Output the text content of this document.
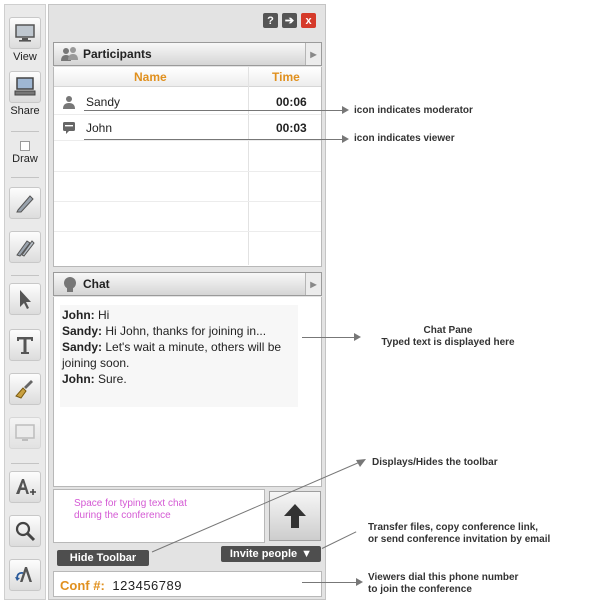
View
Share
Draw
?	➔	x
Participants	▶
Name	Time
Sandy	00:06
John	00:03
Chat	▶
John: Hi
Sandy: Hi John, thanks for joining in...
Sandy: Let's wait a minute, others will be joining soon.
John: Sure.
Space for typing text chat
during the conference
Hide Toolbar	Invite people ▼
Conf #: 123456789
icon indicates moderator
icon indicates viewer
Chat Pane
Typed text is displayed here
Displays/Hides the toolbar
Transfer files, copy conference link,
or send conference invitation by email
Viewers dial this phone number
to join the conference
